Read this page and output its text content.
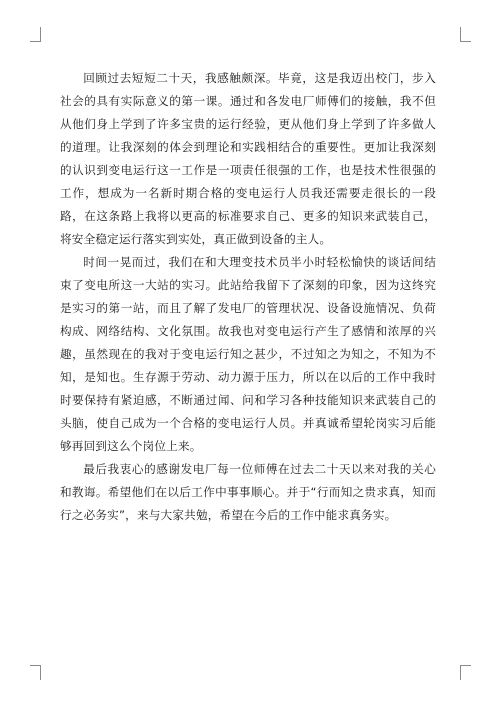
回顾过去短短二十天，我感触颇深。毕竟，这是我迈出校门，步入社会的具有实际意义的第一课。通过和各发电厂师傅们的接触，我不但从他们身上学到了许多宝贵的运行经验，更从他们身上学到了许多做人的道理。让我深刻的体会到理论和实践相结合的重要性。更加让我深刻的认识到变电运行这一工作是一项责任很强的工作，也是技术性很强的工作，想成为一名新时期合格的变电运行人员我还需要走很长的一段路，在这条路上我将以更高的标准要求自己、更多的知识来武装自己，将安全稳定运行落实到实处，真正做到设备的主人。

时间一晃而过，我们在和大理变技术员半小时轻松愉快的谈话间结束了变电所这一大站的实习。此站给我留下了深刻的印象，因为这终究是实习的第一站，而且了解了发电厂的管理状况、设备设施情况、负荷构成、网络结构、文化氛围。故我也对变电运行产生了感情和浓厚的兴趣，虽然现在的我对于变电运行知之甚少，不过知之为知之，不知为不知，是知也。生存源于劳动、动力源于压力，所以在以后的工作中我时时要保持有紧迫感，不断通过闻、问和学习各种技能知识来武装自己的头脑，使自己成为一个合格的变电运行人员。并真诚希望轮岗实习后能够再回到这么个岗位上来。

最后我衷心的感谢发电厂每一位师傅在过去二十天以来对我的关心和教诲。希望他们在以后工作中事事顺心。并于“行而知之贵求真，知而行之必务实”，来与大家共勉，希望在今后的工作中能求真务实。
